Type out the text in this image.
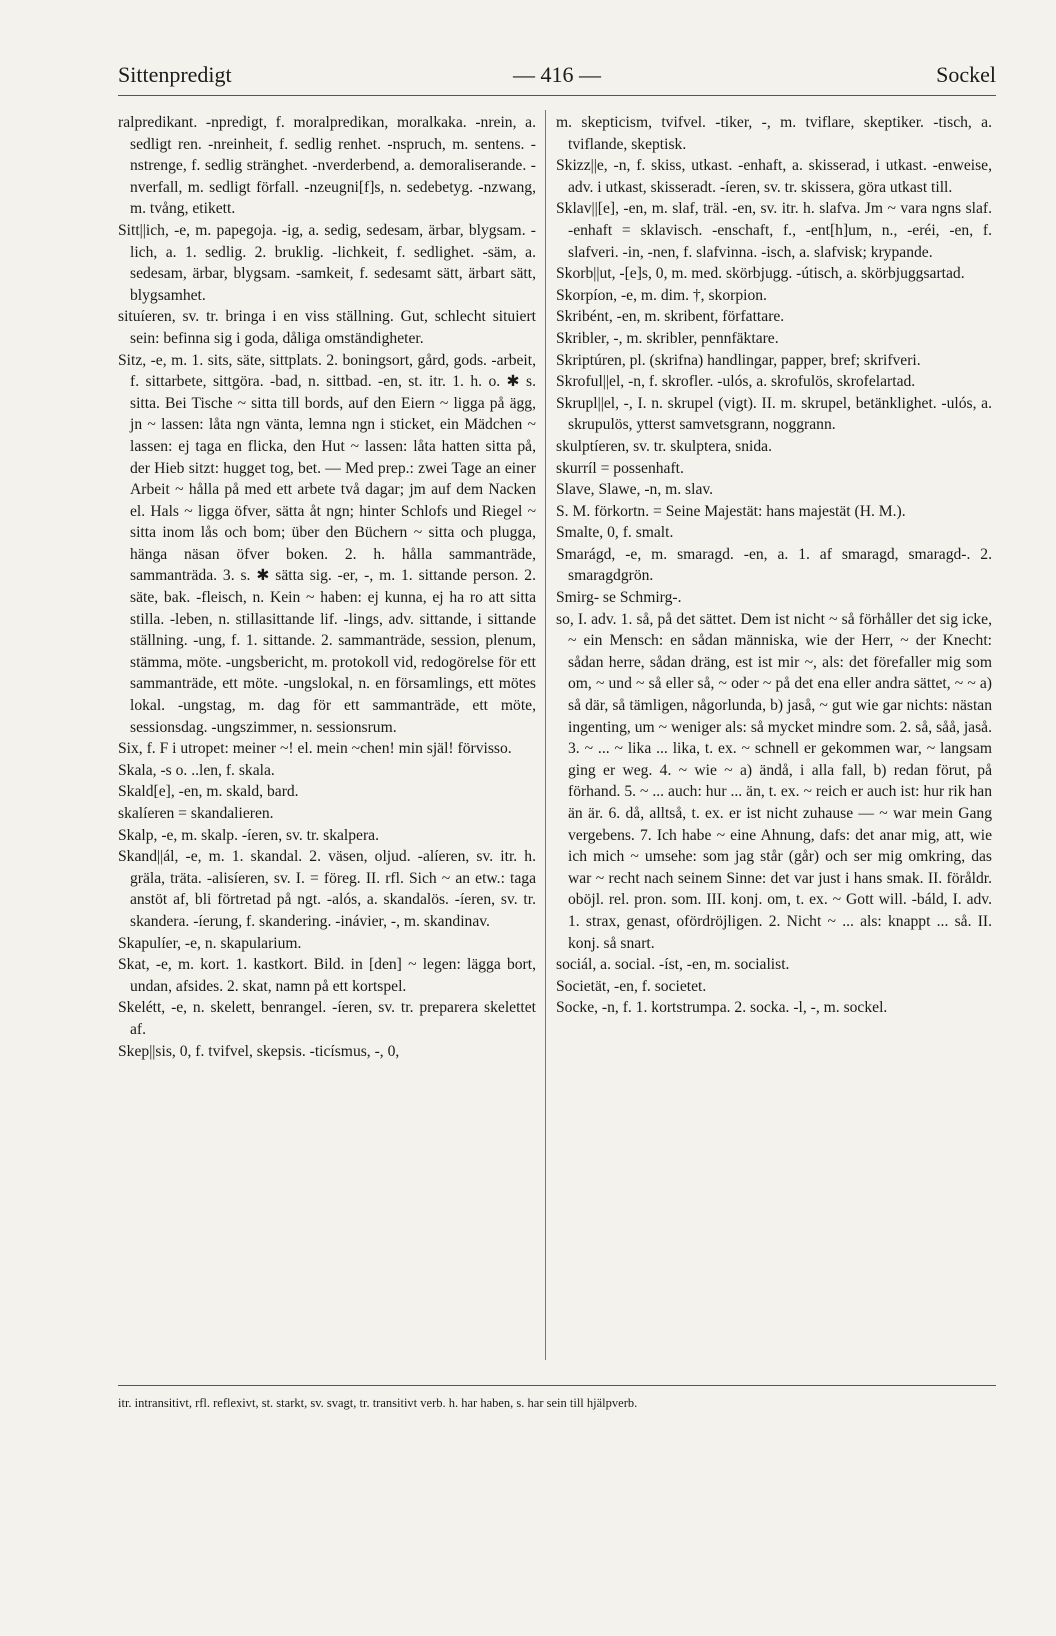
Sittenpredigt	— 416 —	Sockel

ralpredikant. -npredigt, f. moralpredikan, moralkaka. -nrein, a. sedligt ren. -nreinheit, f. sedlig renhet. -nspruch, m. sentens. -nstrenge, f. sedlig stränghet. -nverderbend, a. demoraliserande. -nverfall, m. sedligt förfall. -nzeugni[f]s, n. sedebetyg. -nzwang, m. tvång, etikett.

Sitt||ich, -e, m. papegoja. -ig, a. sedig, sedesam, ärbar, blygsam. -lich, a. 1. sedlig. 2. bruklig. -lichkeit, f. sedlighet. -säm, a. sedesam, ärbar, blygsam. -samkeit, f. sedesamt sätt, ärbart sätt, blygsamhet.

situíeren, sv. tr. bringa i en viss ställning. Gut, schlecht situiert sein: befinna sig i goda, dåliga omständigheter.

Sitz, -e, m. 1. sits, säte, sittplats. 2. boningsort, gård, gods. -arbeit, f. sittarbete, sittgöra. -bad, n. sittbad. -en, st. itr. 1. h. o. ✱ s. sitta. Bei Tische ~ sitta till bords, auf den Eiern ~ ligga på ägg, jn ~ lassen: låta ngn vänta, lemna ngn i sticket, ein Mädchen ~ lassen: ej taga en flicka, den Hut ~ lassen: låta hatten sitta på, der Hieb sitzt: hugget tog, bet. — Med prep.: zwei Tage an einer Arbeit ~ hålla på med ett arbete två dagar; jm auf dem Nacken el. Hals ~ ligga öfver, sätta åt ngn; hinter Schlofs und Riegel ~ sitta inom lås och bom; über den Büchern ~ sitta och plugga, hänga näsan öfver boken. 2. h. hålla sammanträde, sammanträda. 3. s. ✱ sätta sig. -er, -, m. 1. sittande person. 2. säte, bak. -fleisch, n. Kein ~ haben: ej kunna, ej ha ro att sitta stilla. -leben, n. stillasittande lif. -lings, adv. sittande, i sittande ställning. -ung, f. 1. sittande. 2. sammanträde, session, plenum, stämma, möte. -ungsbericht, m. protokoll vid, redogörelse för ett sammanträde, ett möte. -ungslokal, n. en församlings, ett mötes lokal. -ungstag, m. dag för ett sammanträde, ett möte, sessionsdag. -ungszimmer, n. sessionsrum.

Six, f. F i utropet: meiner ~! el. mein ~chen! min själ! förvisso.

Skala, -s o. ..len, f. skala.

Skald[e], -en, m. skald, bard.

skalíeren = skandalieren.

Skalp, -e, m. skalp. -íeren, sv. tr. skalpera.

Skand||ál, -e, m. 1. skandal. 2. väsen, oljud. -alíeren, sv. itr. h. gräla, träta. -alisíeren, sv. I. = föreg. II. rfl. Sich ~ an etw.: taga anstöt af, bli förtretad på ngt. -alós, a. skandalös. -íeren, sv. tr. skandera. -íerung, f. skandering. -inávier, -, m. skandinav.

Skapulíer, -e, n. skapularium.

Skat, -e, m. kort. 1. kastkort. Bild. in [den] ~ legen: lägga bort, undan, afsides. 2. skat, namn på ett kortspel.

Skelétt, -e, n. skelett, benrangel. -íeren, sv. tr. preparera skelettet af.

Skep||sis, 0, f. tvifvel, skepsis. -ticísmus, -, 0,

m. skepticism, tvifvel. -tiker, -, m. tviflare, skeptiker. -tisch, a. tviflande, skeptisk.

Skizz||e, -n, f. skiss, utkast. -enhaft, a. skisserad, i utkast. -enweise, adv. i utkast, skisseradt. -íeren, sv. tr. skissera, göra utkast till.

Sklav||[e], -en, m. slaf, träl. -en, sv. itr. h. slafva. Jm ~ vara ngns slaf. -enhaft = sklavisch. -enschaft, f., -ent[h]um, n., -eréi, -en, f. slafveri. -in, -nen, f. slafvinna. -isch, a. slafvisk; krypande.

Skorb||ut, -[e]s, 0, m. med. skörbjugg. -útisch, a. skörbjuggsartad.

Skorpíon, -e, m. dim. †, skorpion.

Skribént, -en, m. skribent, författare.

Skribler, -, m. skribler, pennfäktare.

Skriptúren, pl. (skrifna) handlingar, papper, bref; skrifveri.

Skroful||el, -n, f. skrofler. -ulós, a. skrofulös, skrofelartad.

Skrupl||el, -, I. n. skrupel (vigt). II. m. skrupel, betänklighet. -ulós, a. skrupulös, ytterst samvetsgrann, noggrann.

skulptíeren, sv. tr. skulptera, snida.

skurríl = possenhaft.

Slave, Slawe, -n, m. slav.

S. M. förkortn. = Seine Majestät: hans majestät (H. M.).

Smalte, 0, f. smalt.

Smarágd, -e, m. smaragd. -en, a. 1. af smaragd, smaragd-. 2. smaragdgrön.

Smirg- se Schmirg-.

so, I. adv. 1. så, på det sättet. Dem ist nicht ~ så förhåller det sig icke, ~ ein Mensch: en sådan människa, wie der Herr, ~ der Knecht: sådan herre, sådan dräng, est ist mir ~, als: det förefaller mig som om, ~ und ~ så eller så, ~ oder ~ på det ena eller andra sättet, ~ ~ a) så där, så tämligen, någorlunda, b) jaså, ~ gut wie gar nichts: nästan ingenting, um ~ weniger als: så mycket mindre som. 2. så, såå, jaså. 3. ~ ... ~ lika ... lika, t. ex. ~ schnell er gekommen war, ~ langsam ging er weg. 4. ~ wie ~ a) ändå, i alla fall, b) redan förut, på förhand. 5. ~ ... auch: hur ... än, t. ex. ~ reich er auch ist: hur rik han än är. 6. då, alltså, t. ex. er ist nicht zuhause — ~ war mein Gang vergebens. 7. Ich habe ~ eine Ahnung, dafs: det anar mig, att, wie ich mich ~ umsehe: som jag står (går) och ser mig omkring, das war ~ recht nach seinem Sinne: det var just i hans smak. II. föråldr. oböjl. rel. pron. som. III. konj. om, t. ex. ~ Gott will. -báld, I. adv. 1. strax, genast, ofördröjligen. 2. Nicht ~ ... als: knappt ... så. II. konj. så snart.

sociál, a. social. -íst, -en, m. socialist.

Societät, -en, f. societet.

Socke, -n, f. 1. kortstrumpa. 2. socka. -l, -, m. sockel.

itr. intransitivt, rfl. reflexivt, st. starkt, sv. svagt, tr. transitivt verb. h. har haben, s. har sein till hjälpverb.
